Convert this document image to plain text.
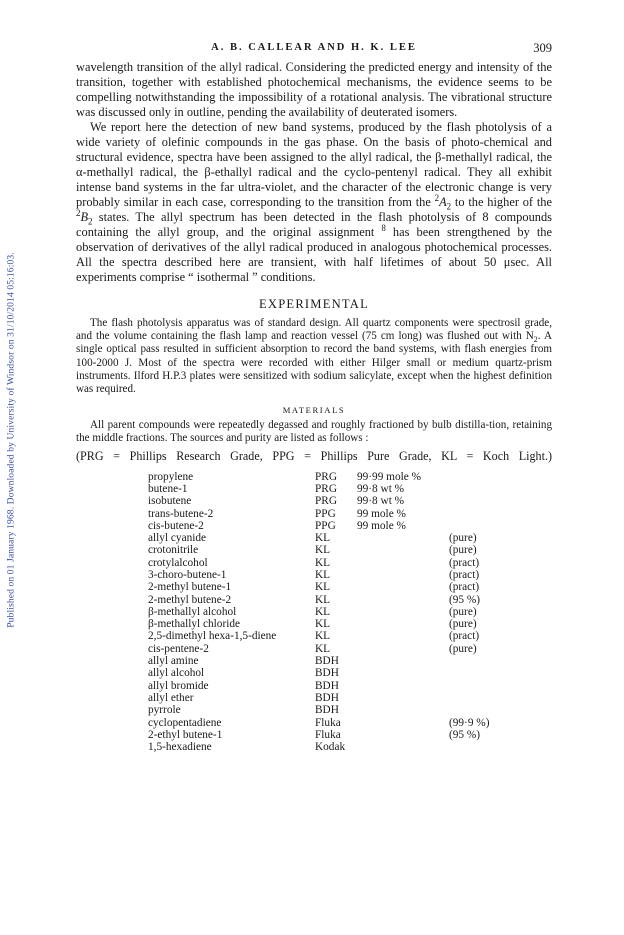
Published on 01 January 1968. Downloaded by University of Windsor on 31/10/2014 05:16:03.
A. B. CALLEAR AND H. K. LEE	309

wavelength transition of the allyl radical. Considering the predicted energy and intensity of the transition, together with established photochemical mechanisms, the evidence seems to be compelling notwithstanding the impossibility of a rotational analysis. The vibrational structure was discussed only in outline, pending the availability of deuterated isomers.

We report here the detection of new band systems, produced by the flash photolysis of a wide variety of olefinic compounds in the gas phase. On the basis of photo-chemical and structural evidence, spectra have been assigned to the allyl radical, the β-methallyl radical, the α-methallyl radical, the β-ethallyl radical and the cyclo-pentenyl radical. They all exhibit intense band systems in the far ultra-violet, and the character of the electronic change is very probably similar in each case, corresponding to the transition from the $^2A_2$ to the higher of the $^2B_2$ states. The allyl spectrum has been detected in the flash photolysis of 8 compounds containing the allyl group, and the original assignment $^8$ has been strengthened by the observation of derivatives of the allyl radical produced in analogous photochemical processes. All the spectra described here are transient, with half lifetimes of about 50 μsec. All experiments comprise “ isothermal ” conditions.

EXPERIMENTAL

The flash photolysis apparatus was of standard design. All quartz components were spectrosil grade, and the volume containing the flash lamp and reaction vessel (75 cm long) was flushed out with $N_2$. A single optical pass resulted in sufficient absorption to record the band systems, with flash energies from 100-2000 J. Most of the spectra were recorded with either Hilger small or medium quartz-prism instruments. Ilford H.P.3 plates were sensitized with sodium salicylate, except when the highest definition was required.

MATERIALS

All parent compounds were repeatedly degassed and roughly fractioned by bulb distilla-tion, retaining the middle fractions. The sources and purity are listed as follows :

(PRG = Phillips Research Grade, PPG = Phillips Pure Grade, KL = Koch Light.)
propylene	PRG	99·99 mole %
butene-1	PRG	99·8 wt %
isobutene	PRG	99·8 wt %
trans-butene-2	PPG	99 mole %
cis-butene-2	PPG	99 mole %
allyl cyanide	KL	(pure)
crotonitrile	KL	(pure)
crotylalcohol	KL	(pract)
3-choro-butene-1	KL	(pract)
2-methyl butene-1	KL	(pract)
2-methyl butene-2	KL	(95 %)
β-methallyl alcohol	KL	(pure)
β-methallyl chloride	KL	(pure)
2,5-dimethyl hexa-1,5-diene	KL	(pract)
cis-pentene-2	KL	(pure)
allyl amine	BDH
allyl alcohol	BDH
allyl bromide	BDH
allyl ether	BDH
pyrrole	BDH
cyclopentadiene	Fluka	(99·9 %)
2-ethyl butene-1	Fluka	(95 %)
1,5-hexadiene	Kodak
